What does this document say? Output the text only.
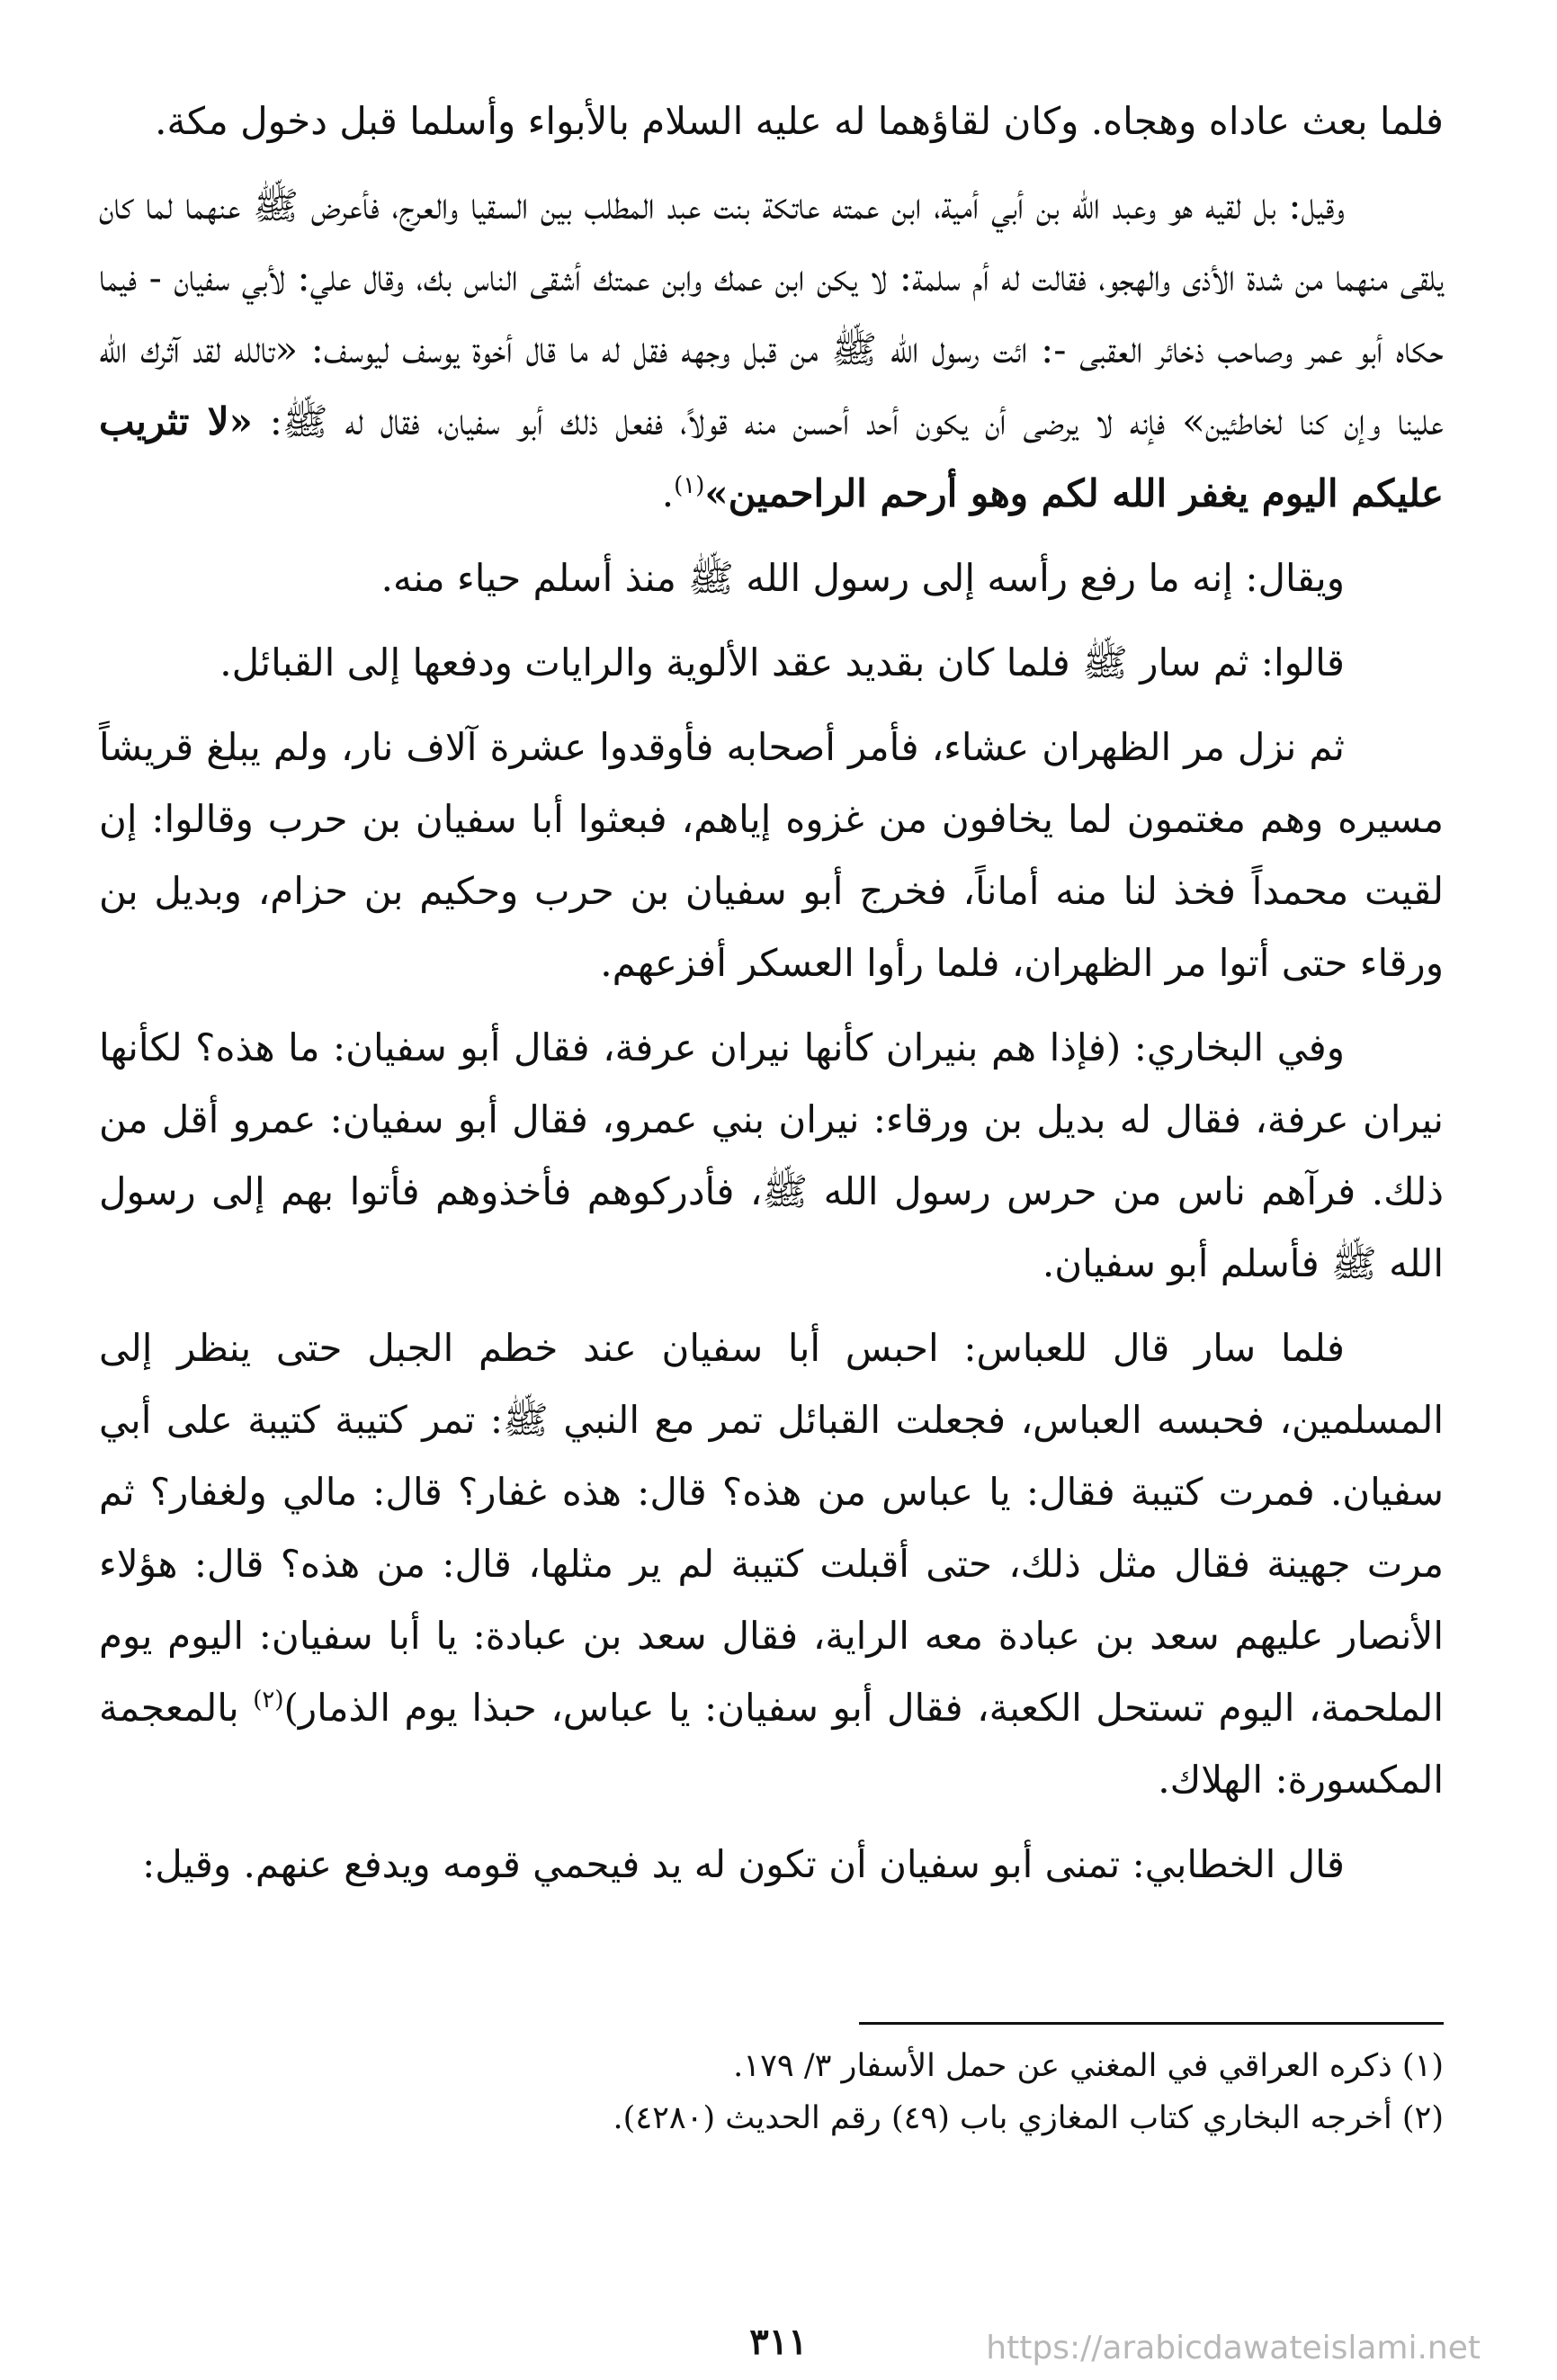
فلما بعث عاداه وهجاه. وكان لقاؤهما له عليه السلام بالأبواء وأسلما قبل دخول مكة.

وقيل: بل لقيه هو وعبد الله بن أبي أمية، ابن عمته عاتكة بنت عبد المطلب بين السقيا والعرج، فأعرض ﷺ عنهما لما كان يلقى منهما من شدة الأذى والهجو، فقالت له أم سلمة: لا يكن ابن عمك وابن عمتك أشقى الناس بك، وقال علي: لأبي سفيان - فيما حكاه أبو عمر وصاحب ذخائر العقبى -: ائت رسول الله ﷺ من قبل وجهه فقل له ما قال أخوة يوسف ليوسف: «تالله لقد آثرك الله علينا وإن كنا لخاطئين» فإنه لا يرضى أن يكون أحد أحسن منه قولاً، ففعل ذلك أبو سفيان، فقال له ﷺ: «لا تثريب عليكم اليوم يغفر الله لكم وهو أرحم الراحمين»$^{(١)}$.

ويقال: إنه ما رفع رأسه إلى رسول الله ﷺ منذ أسلم حياء منه.

قالوا: ثم سار ﷺ فلما كان بقديد عقد الألوية والرايات ودفعها إلى القبائل.

ثم نزل مر الظهران عشاء، فأمر أصحابه فأوقدوا عشرة آلاف نار، ولم يبلغ قريشاً مسيره وهم مغتمون لما يخافون من غزوه إياهم، فبعثوا أبا سفيان بن حرب وقالوا: إن لقيت محمداً فخذ لنا منه أماناً، فخرج أبو سفيان بن حرب وحكيم بن حزام، وبديل بن ورقاء حتى أتوا مر الظهران، فلما رأوا العسكر أفزعهم.

وفي البخاري: (فإذا هم بنيران كأنها نيران عرفة، فقال أبو سفيان: ما هذه؟ لكأنها نيران عرفة، فقال له بديل بن ورقاء: نيران بني عمرو، فقال أبو سفيان: عمرو أقل من ذلك. فرآهم ناس من حرس رسول الله ﷺ، فأدركوهم فأخذوهم فأتوا بهم إلى رسول الله ﷺ فأسلم أبو سفيان.

فلما سار قال للعباس: احبس أبا سفيان عند خطم الجبل حتى ينظر إلى المسلمين، فحبسه العباس، فجعلت القبائل تمر مع النبي ﷺ: تمر كتيبة كتيبة على أبي سفيان. فمرت كتيبة فقال: يا عباس من هذه؟ قال: هذه غفار؟ قال: مالي ولغفار؟ ثم مرت جهينة فقال مثل ذلك، حتى أقبلت كتيبة لم ير مثلها، قال: من هذه؟ قال: هؤلاء الأنصار عليهم سعد بن عبادة معه الراية، فقال سعد بن عبادة: يا أبا سفيان: اليوم يوم الملحمة، اليوم تستحل الكعبة، فقال أبو سفيان: يا عباس، حبذا يوم الذمار)$^{(٢)}$ بالمعجمة المكسورة: الهلاك.

قال الخطابي: تمنى أبو سفيان أن تكون له يد فيحمي قومه ويدفع عنهم. وقيل:

(١) ذكره العراقي في المغني عن حمل الأسفار ٣/ ١٧٩.

(٢) أخرجه البخاري كتاب المغازي باب (٤٩) رقم الحديث (٤٢٨٠).

٣١١	https://arabicdawateislami.net
